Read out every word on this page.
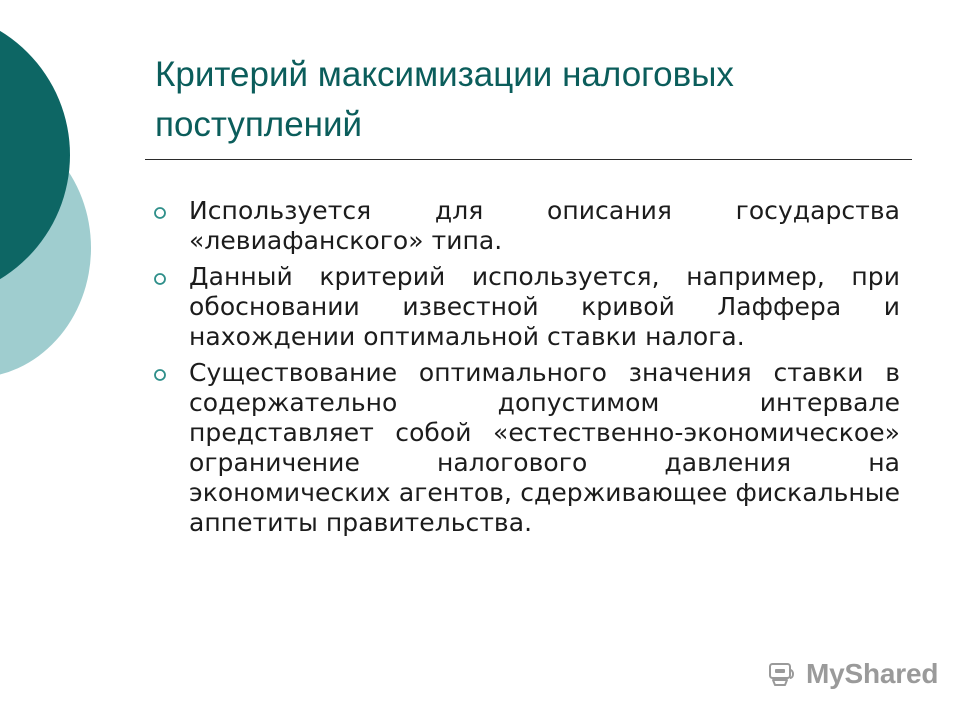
Критерий максимизации налоговых поступлений
Используется для описания государства «левиафанского» типа.
Данный критерий используется, например, при обосновании известной кривой Лаффера и нахождении оптимальной ставки налога.
Существование оптимального значения ставки в содержательно допустимом интервале представляет собой «естественно-экономическое» ограничение налогового давления на экономических агентов, сдерживающее фискальные аппетиты правительства.
MyShared
